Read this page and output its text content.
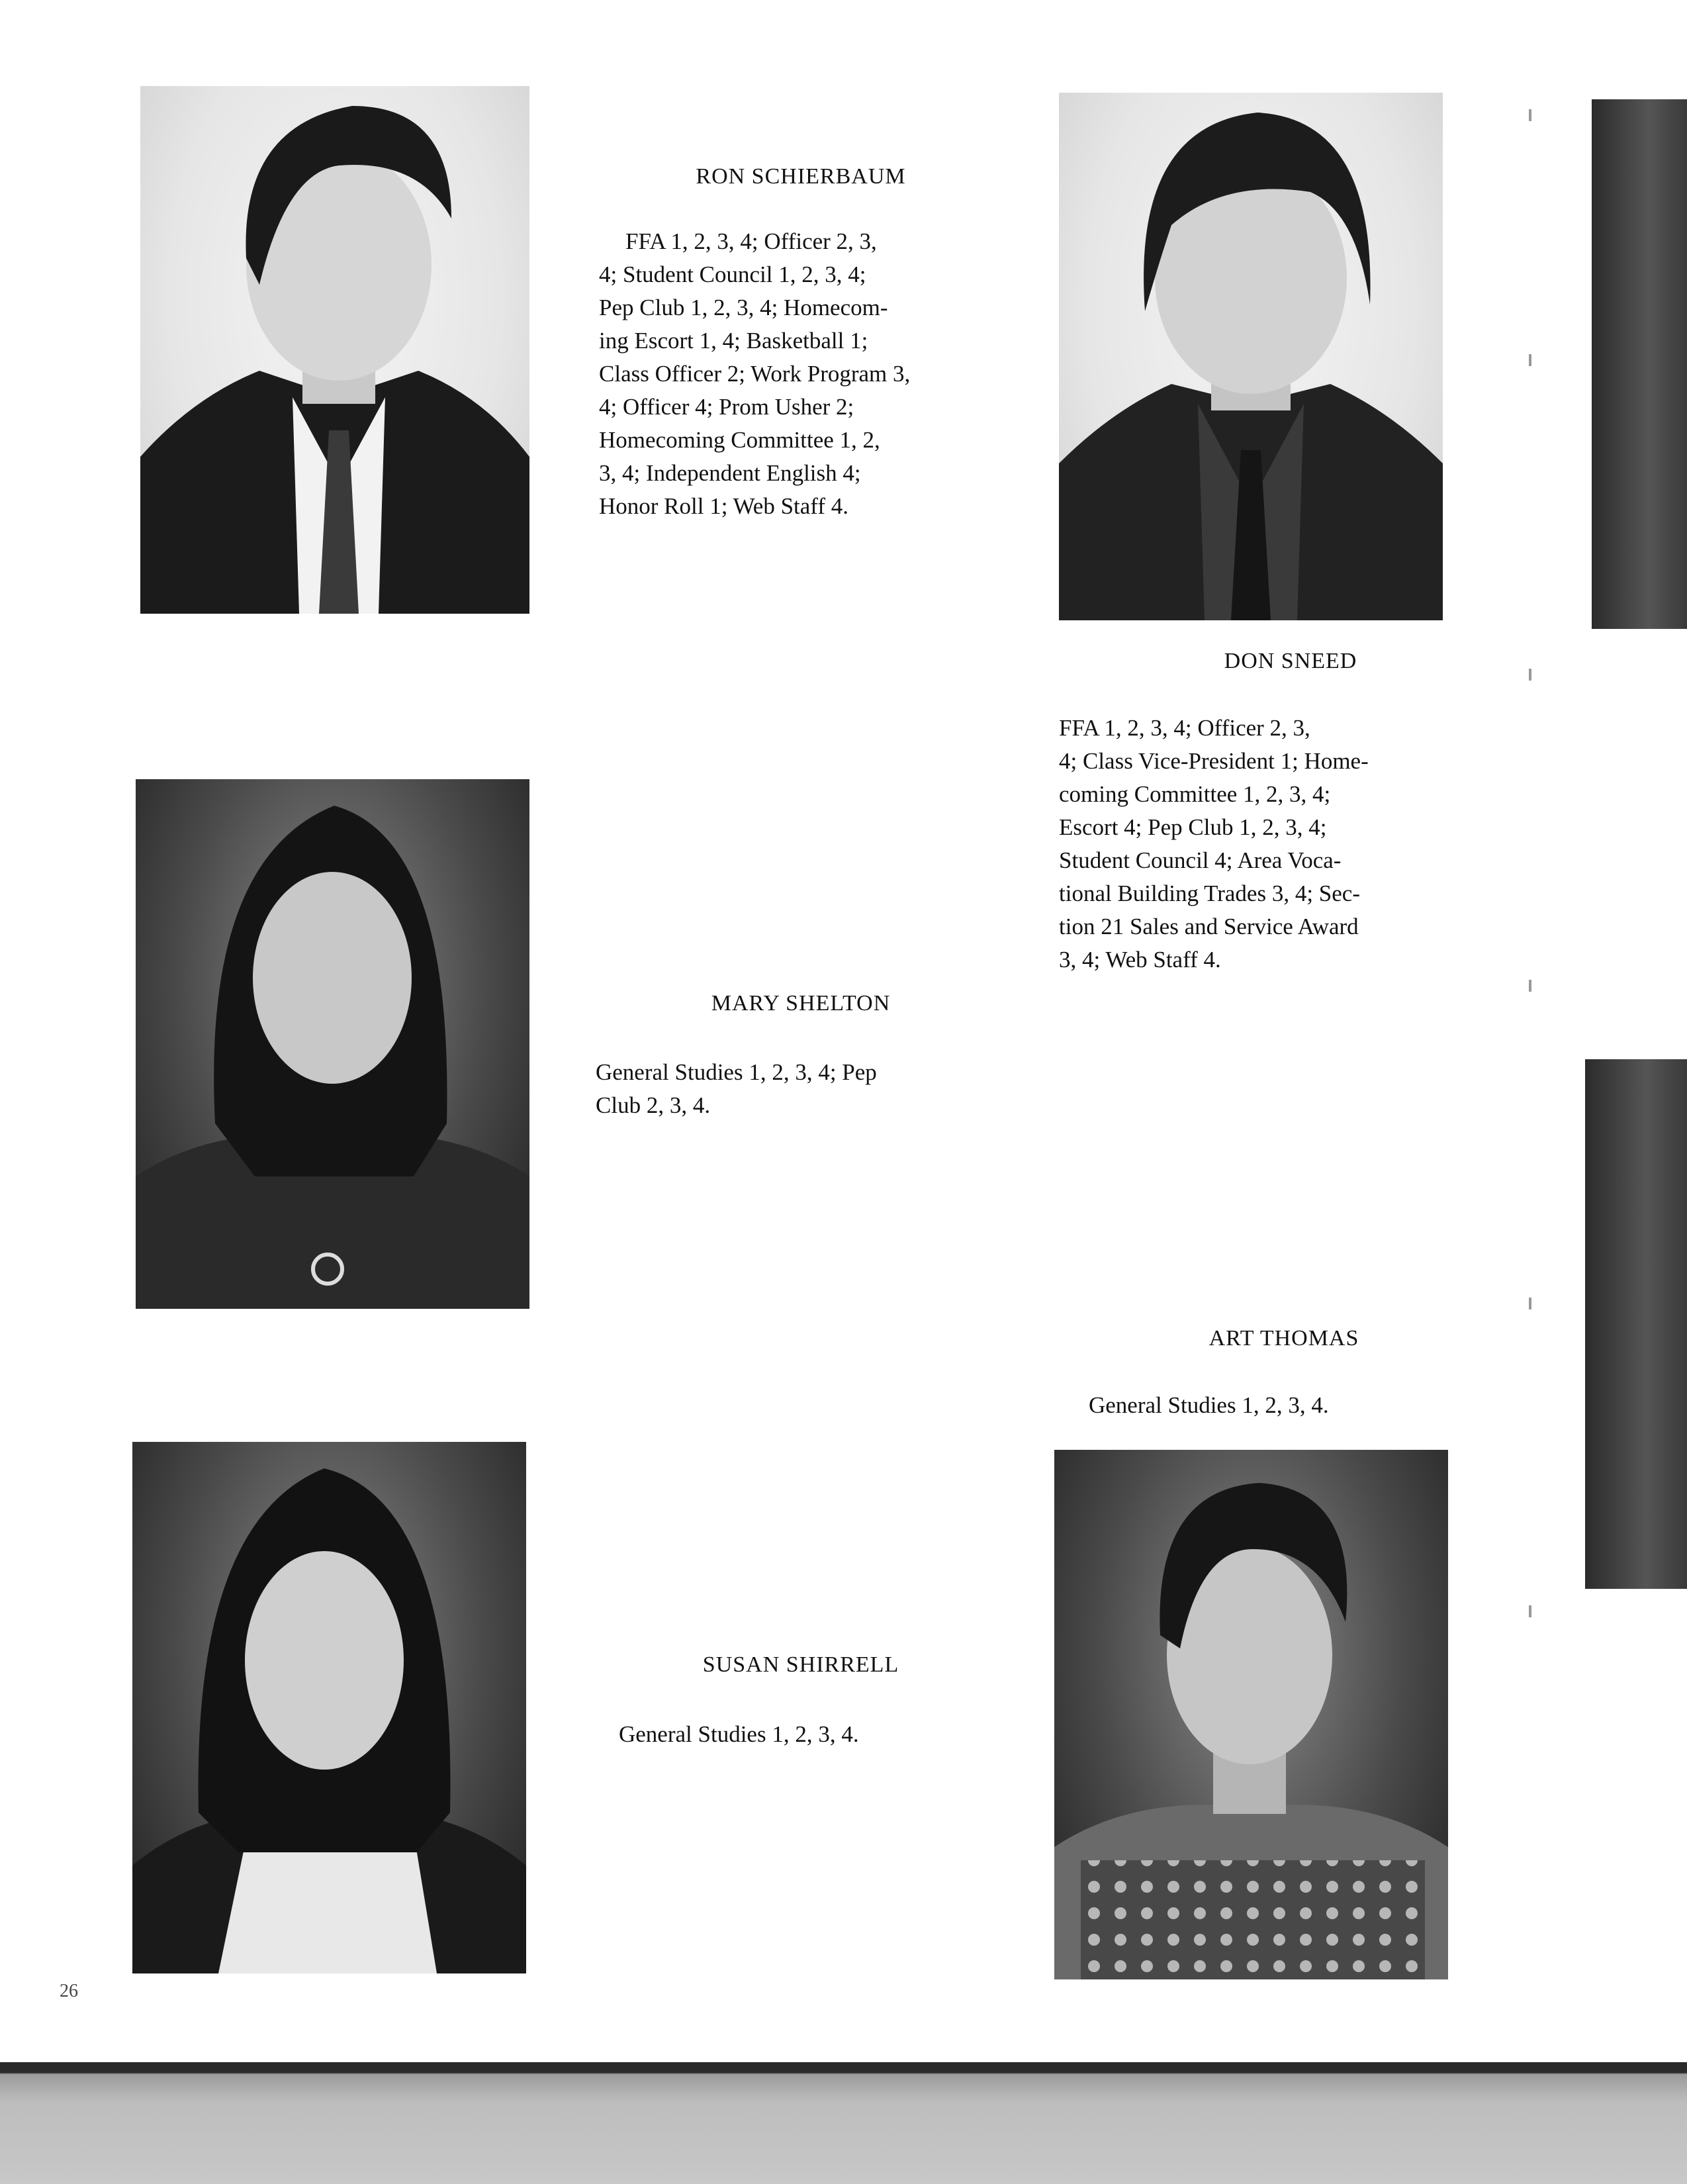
RON SCHIERBAUM
FFA 1, 2, 3, 4; Officer 2, 3,
4; Student Council 1, 2, 3, 4;
Pep Club 1, 2, 3, 4; Homecom-
ing Escort 1, 4; Basketball 1;
Class Officer 2; Work Program 3,
4; Officer 4; Prom Usher 2;
Homecoming Committee 1, 2,
3, 4; Independent English 4;
Honor Roll 1; Web Staff 4.
DON SNEED
FFA 1, 2, 3, 4; Officer 2, 3,
4; Class Vice-President 1; Home-
coming Committee 1, 2, 3, 4;
Escort 4; Pep Club 1, 2, 3, 4;
Student Council 4; Area Voca-
tional Building Trades 3, 4; Sec-
tion 21 Sales and Service Award
3, 4; Web Staff 4.
MARY SHELTON
General Studies 1, 2, 3, 4; Pep
Club 2, 3, 4.
ART THOMAS
General Studies 1, 2, 3, 4.
SUSAN SHIRRELL
General Studies 1, 2, 3, 4.
26
